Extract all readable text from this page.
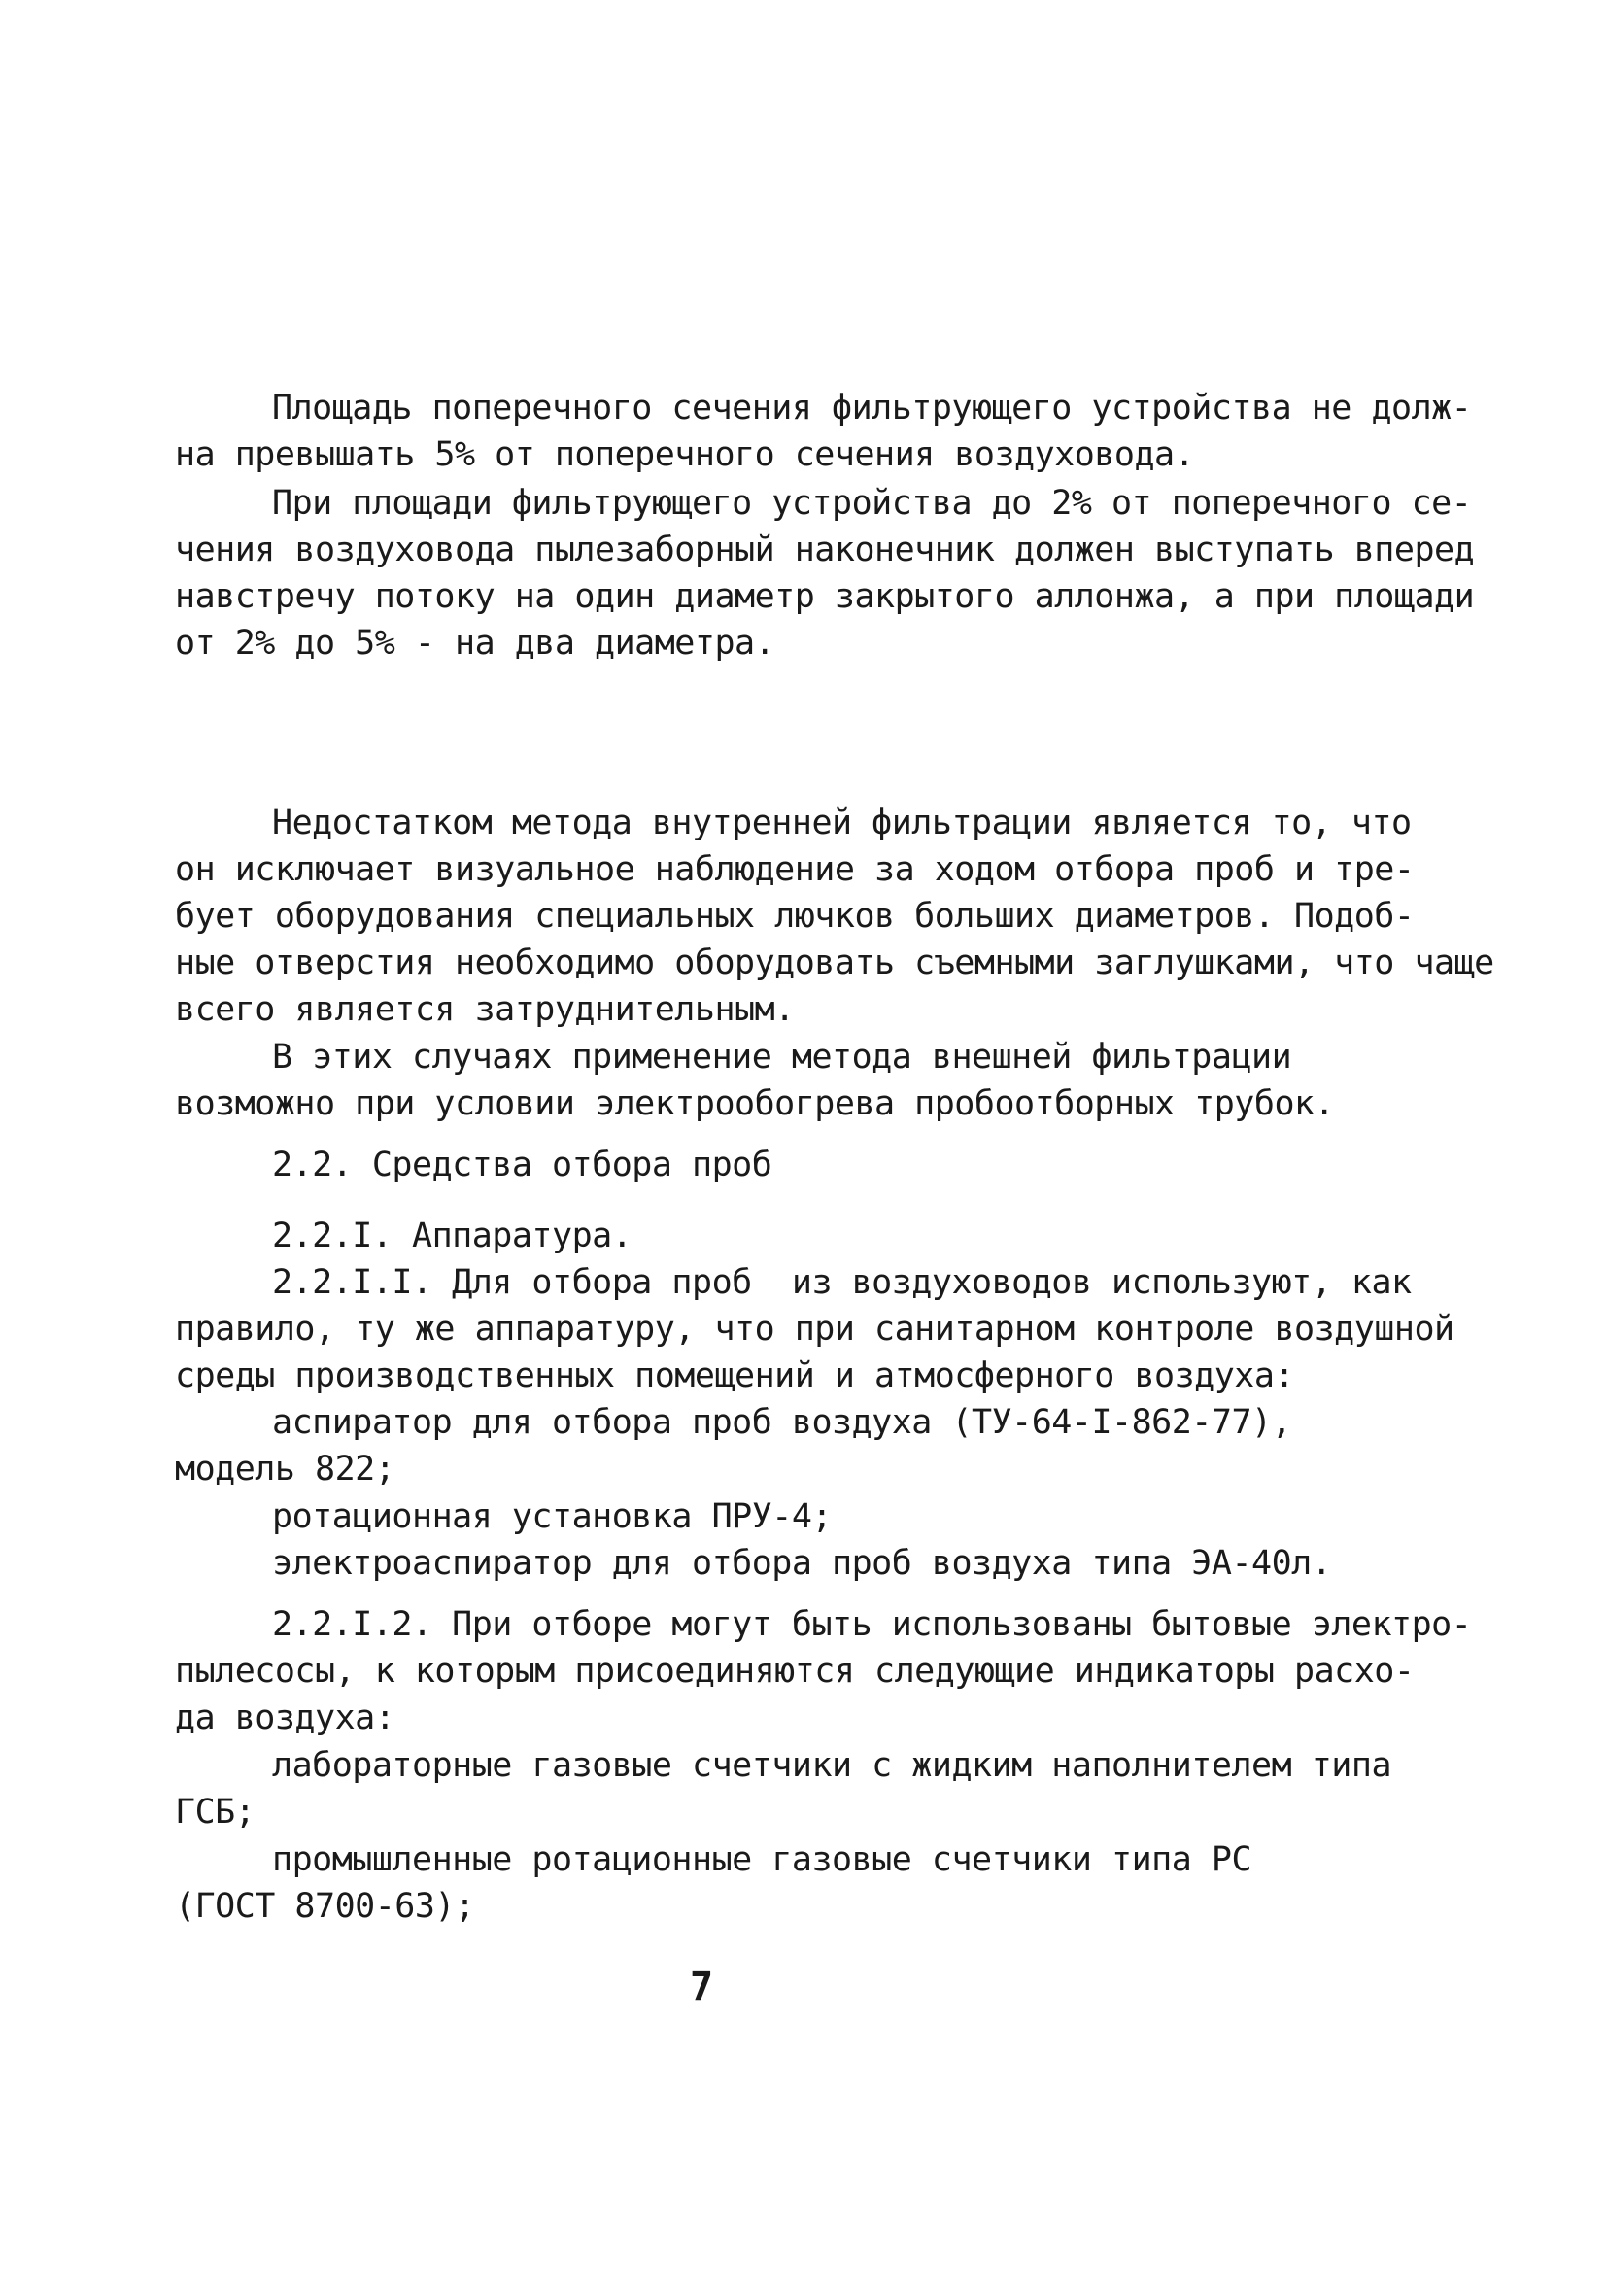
Площадь поперечного сечения фильтрующего устройства не долж-
на превышать 5% от поперечного сечения воздуховода.
При площади фильтрующего устройства до 2% от поперечного се-
чения воздуховода пылезаборный наконечник должен выступать вперед
навстречу потоку на один диаметр закрытого аллонжа, а при площади
от 2% до 5% - на два диаметра.
Недостатком метода внутренней фильтрации является то, что
он исключает визуальное наблюдение за ходом отбора проб и тре-
бует оборудования специальных лючков больших диаметров. Подоб-
ные отверстия необходимо оборудовать съемными заглушками, что чаще
всего является затруднительным.
В этих случаях применение метода внешней фильтрации
возможно при условии электрообогрева пробоотборных трубок.
2.2. Средства отбора проб
2.2.I. Аппаратура.
2.2.I.I. Для отбора проб  из воздуховодов используют, как
правило, ту же аппаратуру, что при санитарном контроле воздушной
среды производственных помещений и атмосферного воздуха:
аспиратор для отбора проб воздуха (ТУ-64-I-862-77),
модель 822;
ротационная установка ПРУ-4;
электроаспиратор для отбора проб воздуха типа ЭА-40л.
2.2.I.2. При отборе могут быть использованы бытовые электро-
пылесосы, к которым присоединяются следующие индикаторы расхо-
да воздуха:
лабораторные газовые счетчики с жидким наполнителем типа
ГСБ;
промышленные ротационные газовые счетчики типа РС
(ГОСТ 8700-63);
7
